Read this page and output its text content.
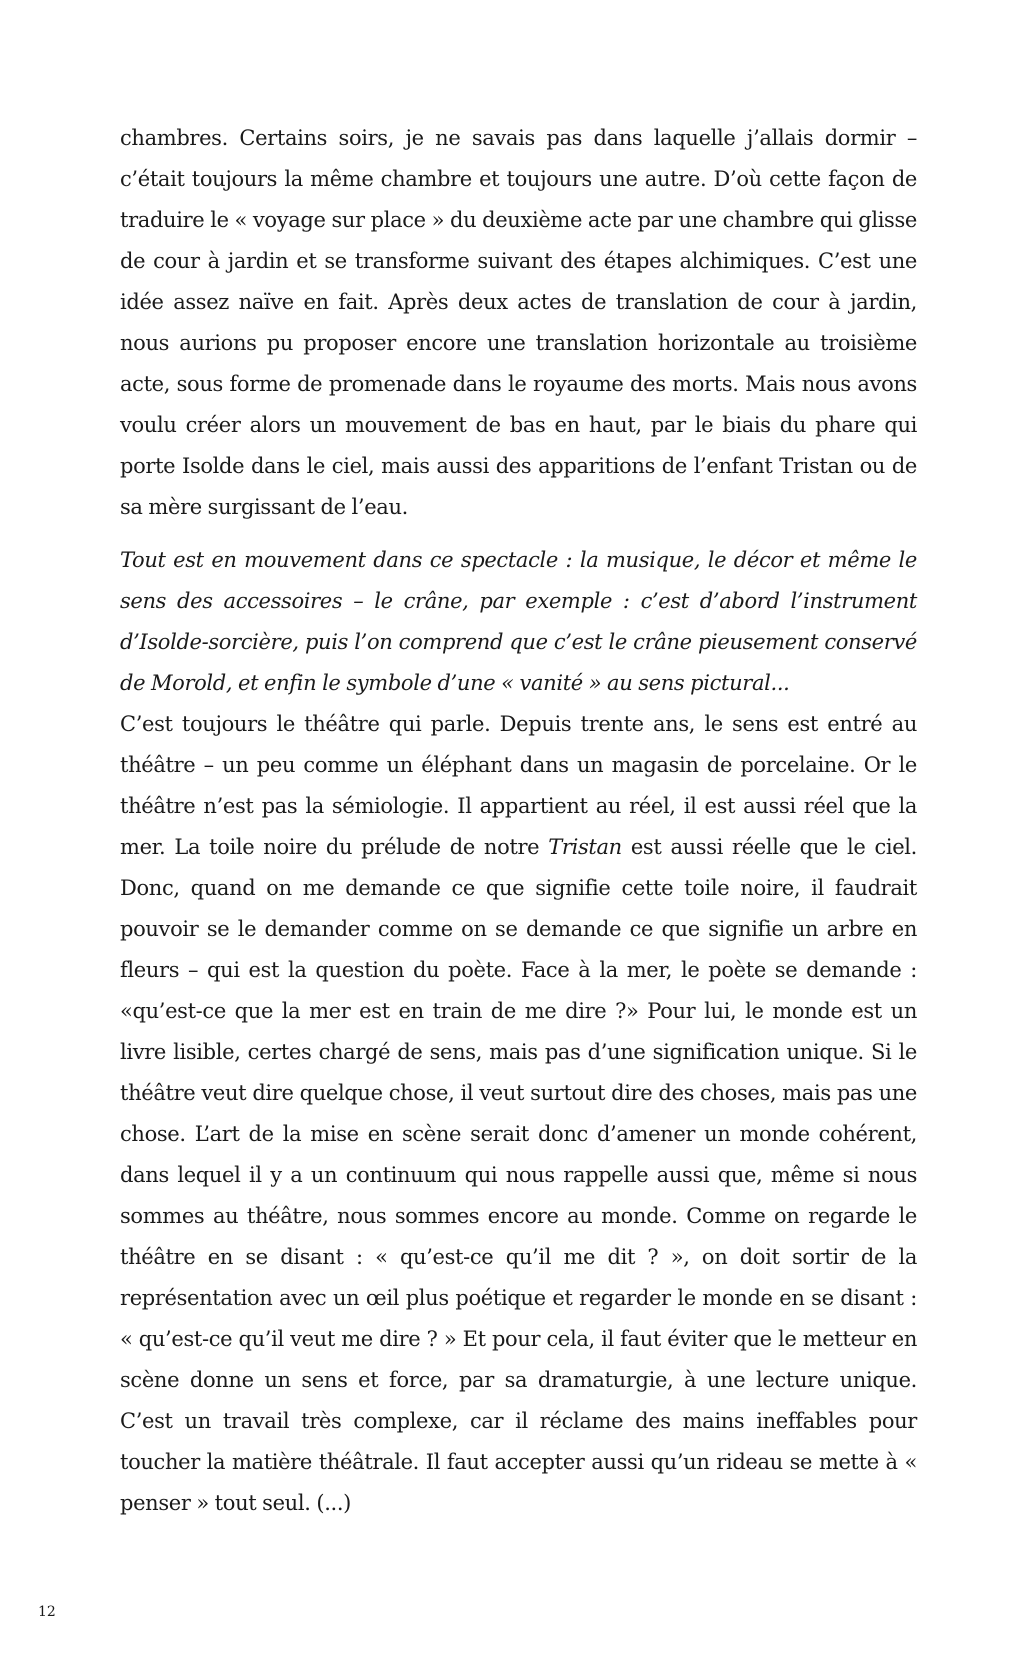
chambres. Certains soirs, je ne savais pas dans laquelle j’allais dormir – c’était toujours la même chambre et toujours une autre. D’où cette façon de traduire le « voyage sur place » du deuxième acte par une chambre qui glisse de cour à jardin et se transforme suivant des étapes alchimiques. C’est une idée assez naïve en fait. Après deux actes de translation de cour à jardin, nous aurions pu proposer encore une translation horizontale au troisième acte, sous forme de promenade dans le royaume des morts. Mais nous avons voulu créer alors un mouvement de bas en haut, par le biais du phare qui porte Isolde dans le ciel, mais aussi des apparitions de l’enfant Tristan ou de sa mère surgissant de l’eau.

Tout est en mouvement dans ce spectacle : la musique, le décor et même le sens des accessoires – le crâne, par exemple : c’est d’abord l’instrument d’Isolde-sorcière, puis l’on comprend que c’est le crâne pieusement conservé de Morold, et enfin le symbole d’une « vanité » au sens pictural...

C’est toujours le théâtre qui parle. Depuis trente ans, le sens est entré au théâtre – un peu comme un éléphant dans un magasin de porcelaine. Or le théâtre n’est pas la sémiologie. Il appartient au réel, il est aussi réel que la mer. La toile noire du prélude de notre Tristan est aussi réelle que le ciel. Donc, quand on me demande ce que signifie cette toile noire, il faudrait pouvoir se le demander comme on se demande ce que signifie un arbre en fleurs – qui est la question du poète. Face à la mer, le poète se demande : «qu’est-ce que la mer est en train de me dire ?» Pour lui, le monde est un livre lisible, certes chargé de sens, mais pas d’une signification unique. Si le théâtre veut dire quelque chose, il veut surtout dire des choses, mais pas une chose. L’art de la mise en scène serait donc d’amener un monde cohérent, dans lequel il y a un continuum qui nous rappelle aussi que, même si nous sommes au théâtre, nous sommes encore au monde. Comme on regarde le théâtre en se disant : « qu’est-ce qu’il me dit ? », on doit sortir de la représentation avec un œil plus poétique et regarder le monde en se disant : « qu’est-ce qu’il veut me dire ? » Et pour cela, il faut éviter que le metteur en scène donne un sens et force, par sa dramaturgie, à une lecture unique. C’est un travail très complexe, car il réclame des mains ineffables pour toucher la matière théâtrale. Il faut accepter aussi qu’un rideau se mette à « penser » tout seul. (...)

12
